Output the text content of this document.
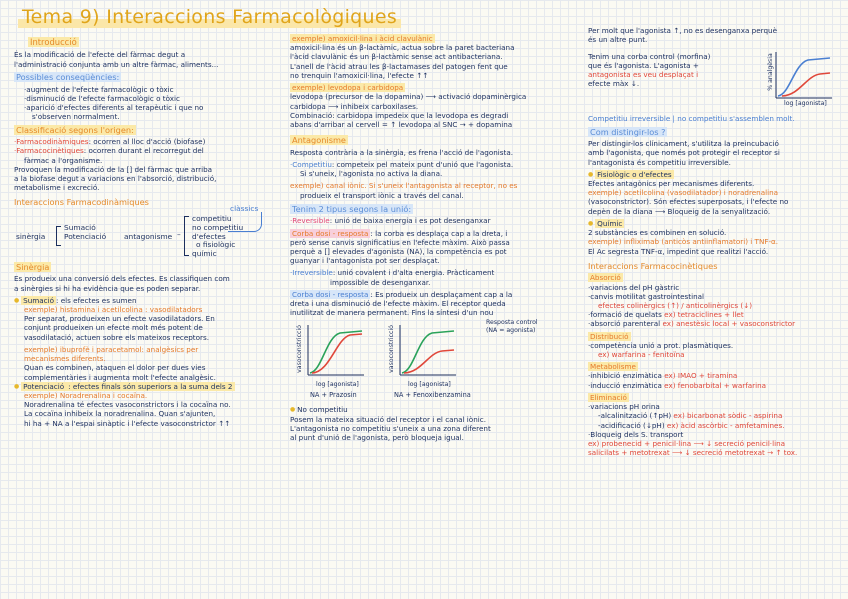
Tema 9) Interaccions Farmacològiques
Introducció
És la modificació de l'efecte del fàrmac degut a
l'administració conjunta amb un altre fàrmac, aliments...
Possibles conseqüències:
·augment de l'efecte farmacològic o tòxic
·disminució de l'efecte farmacològic o tòxic
·aparició d'efectes diferents al terapèutic i que no
s'observen normalment.
Classificació segons l'origen:
·Farmacodinàmiques: ocorren al lloc d'acció (biofase)
·Farmacocinètiques: ocorren durant el recorregut del
fàrmac a l'organisme.
Provoquen la modificació de la [] del fàrmac que arriba
a la biofase degut a variacions en l'absorció, distribució,
metabolisme i excreció.
Interaccions Farmacodinàmiques
sinèrgia
Sumació
Potenciació antagonisme –
competitiu
no competitiu
d'efectes
o fisiològic
químic
clàssics
Sinèrgia
Es produeix una conversió dels efectes. Es classifiquen com
a sinèrgies si hi ha evidència que es poden separar.
● Sumació : els efectes es sumen
exemple) histamina i acetilcolina : vasodilatadors
Per separat, produeixen un efecte vasodilatadors. En
conjunt produeixen un efecte molt més potent de
vasodilatació, actuen sobre els mateixos receptors.
exemple) ibuprofè i paracetamol: analgèsics per
mecanismes diferents.
Quan es combinen, ataquen el dolor per dues vies
complementàries i augmenta molt l'efecte analgèsic.
● Potenciació : efectes finals són superiors a la suma dels 2
exemple) Noradrenalina i cocaïna.
Noradrenalina té efectes vasoconstrictors i la cocaïna no.
La cocaïna inhibeix la noradrenalina. Quan s'ajunten,
hi ha + NA a l'espai sinàptic i l'efecte vasoconstrictor ↑↑
exemple) amoxicil·lina i àcid clavulànic
amoxicil·lina és un β-lactàmic, actua sobre la paret bacteriana
l'àcid clavulànic és un β-lactàmic sense act antibacteriana.
L'anell de l'àcid atrau les β-lactamases del patogen fent que
no trenquin l'amoxicil·lina, l'efecte ↑↑
exemple) levodopa i carbidopa
levodopa (precursor de la dopamina) ⟶ activació dopaminèrgica
carbidopa ⟶ inhibeix carboxilases.
Combinació: carbidopa impedeix que la levodopa es degradi
abans d'arribar al cervell = ↑ levodopa al SNC → + dopamina
Antagonisme
Resposta contrària a la sinèrgia, es frena l'acció de l'agonista.
·Competitiu: competeix pel mateix punt d'unió que l'agonista.
Si s'uneix, l'agonista no activa la diana.
exemple) canal iònic. Si s'uneix l'antagonista al receptor, no es
produeix el transport iònic a través del canal.
Tenim 2 tipus segons la unió:
·Reversible: unió de baixa energia i es pot desenganxar
Corba dosi - resposta : la corba es desplaça cap a la dreta, i
però sense canvis significatius en l'efecte màxim. Això passa
perquè a [] elevades d'agonista (NA), la competència es pot
guanyar i l'antagonista pot ser desplaçat.
·Irreversible: unió covalent i d'alta energia. Pràcticament
impossible de desenganxar.
Corba dosi - resposta : Es produeix un desplaçament cap a la
dreta i una disminució de l'efecte màxim. El receptor queda
inutilitzat de manera permanent. Fins la síntesi d'un nou
vasoconstricció
log [agonista]
NA + Prazosin
vasoconstricció
log [agonista]
NA + Fenoxibenzamina
Resposta control
(NA = agonista)
● No competitiu
Posem la mateixa situació del receptor i el canal iònic.
L'antagonista no competitiu s'uneix a una zona diferent
al punt d'unió de l'agonista, però bloqueja igual.
Per molt que l'agonista ↑, no es desenganxa perquè
és un altre punt.
Tenim una corba control (morfina)
que és l'agonista. L'agonista +
antagonista es veu desplaçat i
efecte màx ↓.	% analgèsia
log [agonista]
Competitiu irreversible | no competitiu s'assemblen molt.
Com distingir-los ?
Per distingir-los clínicament, s'utilitza la preincubació
amb l'agonista, que només pot protegir el receptor si
l'antagonista és competitiu irreversible.
● Fisiològic o d'efectes
Efectes antagònics per mecanismes diferents.
exemple) acetilcolina (vasodilatador) i noradrenalina
(vasoconstrictor). Són efectes superposats, i l'efecte no
depèn de la diana ⟶ Bloqueig de la senyalització.
● Químic
2 substàncies es combinen en solució.
exemple) infliximab (anticòs antiinflamatori) i TNF-α.
El Ac segresta TNF-α, impedint que realitzi l'acció.
Interaccions Farmacocinètiques
Absorció
·variacions del pH gàstric
·canvis motilitat gastrointestinal
efectes colinèrgics (↑) / anticolinèrgics (↓)
·formació de quelats ex) tetraciclines + llet
·absorció parenteral ex) anestèsic local + vasoconstrictor
Distribució
·competència unió a prot. plasmàtiques.
ex) warfarina - fenitoïna
Metabolisme
·inhibició enzimàtica ex) IMAO + tiramina
·inducció enzimàtica ex) fenobarbital + warfarina
Eliminació
·variacions pH orina
-alcalinització (↑pH) ex) bicarbonat sòdic - aspirina
-acidificació (↓pH) ex) àcid ascòrbic - amfetamines.
·Bloqueig dels S. transport
ex) probenecid + penicil·lina ⟶ ↓ secreció penicil·lina
salicilats + metotrexat ⟶ ↓ secreció metotrexat → ↑ tox.
